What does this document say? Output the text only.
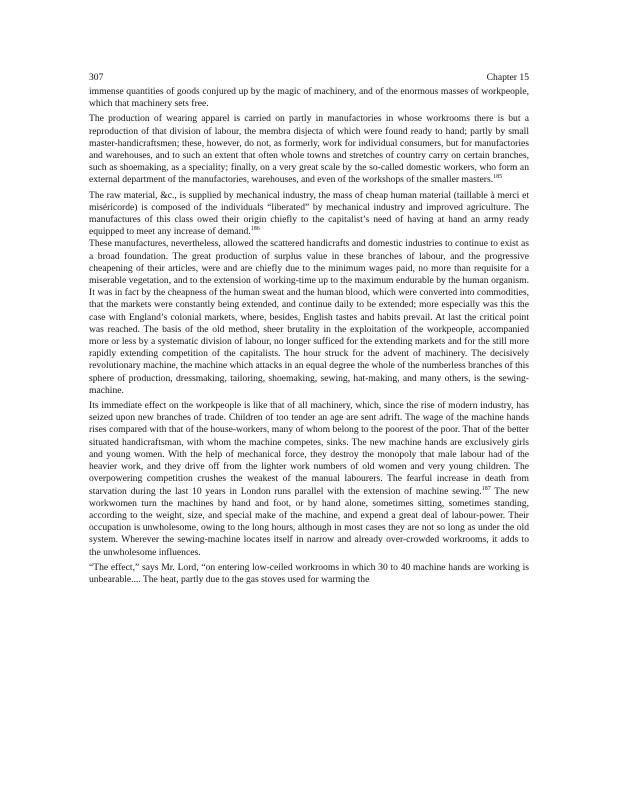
307	Chapter 15

immense quantities of goods conjured up by the magic of machinery, and of the enormous masses of workpeople, which that machinery sets free.

The production of wearing apparel is carried on partly in manufactories in whose workrooms there is but a reproduction of that division of labour, the membra disjecta of which were found ready to hand; partly by small master-handicraftsmen; these, however, do not, as formerly, work for individual consumers, but for manufactories and warehouses, and to such an extent that often whole towns and stretches of country carry on certain branches, such as shoemaking, as a speciality; finally, on a very great scale by the so-called domestic workers, who form an external department of the manufactories, warehouses, and even of the workshops of the smaller masters.$^{185}$

The raw material, &c., is supplied by mechanical industry, the mass of cheap human material (taillable à merci et miséricorde) is composed of the individuals “liberated” by mechanical industry and improved agriculture. The manufactures of this class owed their origin chiefly to the capitalist’s need of having at hand an army ready equipped to meet any increase of demand.$^{186}$

These manufactures, nevertheless, allowed the scattered handicrafts and domestic industries to continue to exist as a broad foundation. The great production of surplus value in these branches of labour, and the progressive cheapening of their articles, were and are chiefly due to the minimum wages paid, no more than requisite for a miserable vegetation, and to the extension of working-time up to the maximum endurable by the human organism. It was in fact by the cheapness of the human sweat and the human blood, which were converted into commodities, that the markets were constantly being extended, and continue daily to be extended; more especially was this the case with England’s colonial markets, where, besides, English tastes and habits prevail. At last the critical point was reached. The basis of the old method, sheer brutality in the exploitation of the workpeople, accompanied more or less by a systematic division of labour, no longer sufficed for the extending markets and for the still more rapidly extending competition of the capitalists. The hour struck for the advent of machinery. The decisively revolutionary machine, the machine which attacks in an equal degree the whole of the numberless branches of this sphere of production, dressmaking, tailoring, shoemaking, sewing, hat-making, and many others, is the sewing-machine.

Its immediate effect on the workpeople is like that of all machinery, which, since the rise of modern industry, has seized upon new branches of trade. Children of too tender an age are sent adrift. The wage of the machine hands rises compared with that of the house-workers, many of whom belong to the poorest of the poor. That of the better situated handicraftsman, with whom the machine competes, sinks. The new machine hands are exclusively girls and young women. With the help of mechanical force, they destroy the monopoly that male labour had of the heavier work, and they drive off from the lighter work numbers of old women and very young children. The overpowering competition crushes the weakest of the manual labourers. The fearful increase in death from starvation during the last 10 years in London runs parallel with the extension of machine sewing.$^{187}$ The new workwomen turn the machines by hand and foot, or by hand alone, sometimes sitting, sometimes standing, according to the weight, size, and special make of the machine, and expend a great deal of labour-power. Their occupation is unwholesome, owing to the long hours, although in most cases they are not so long as under the old system. Wherever the sewing-machine locates itself in narrow and already over-crowded workrooms, it adds to the unwholesome influences.

“The effect,” says Mr. Lord, “on entering low-ceiled workrooms in which 30 to 40 machine hands are working is unbearable.... The heat, partly due to the gas stoves used for warming the
